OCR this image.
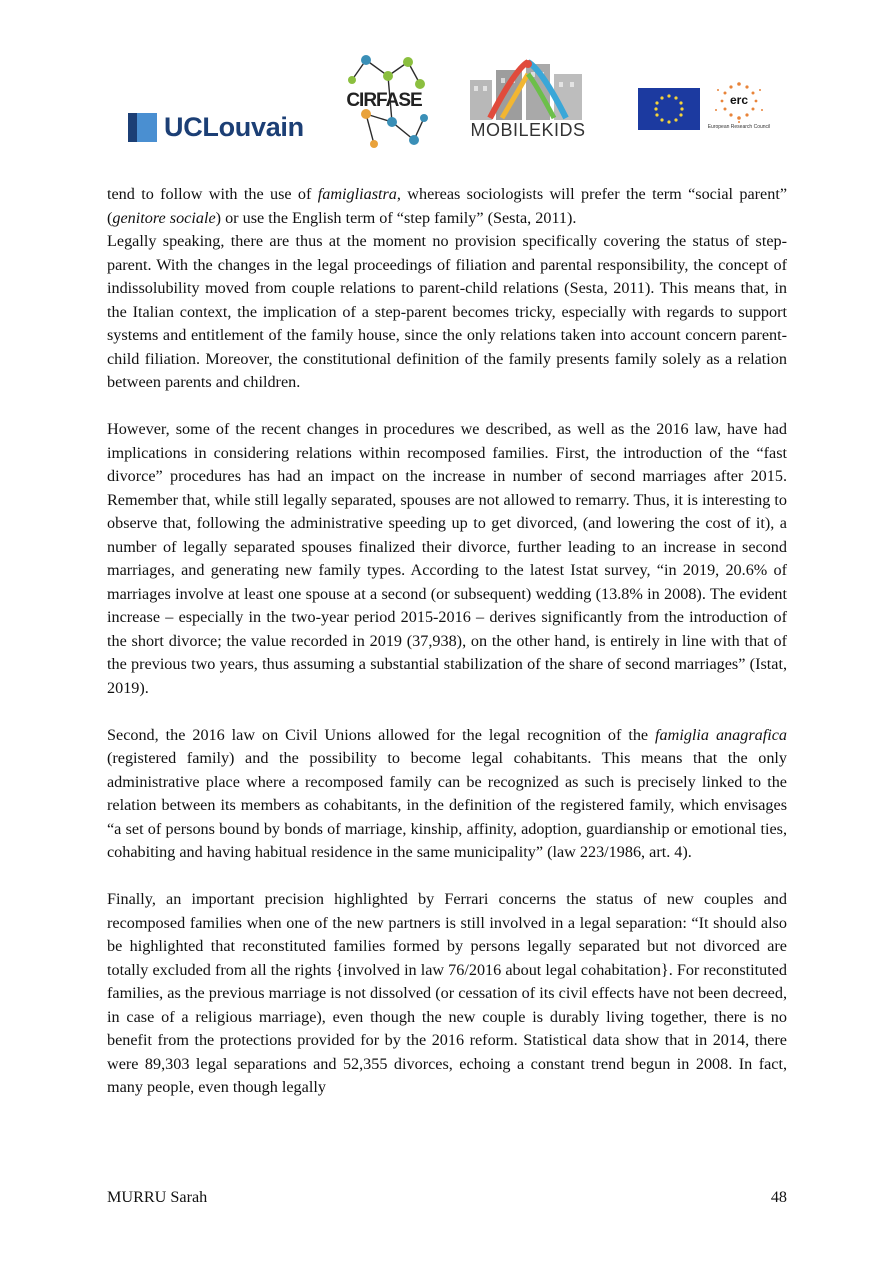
UCLouvain
CIRFASE
MOBILEKIDS
erc
European Research Council

tend to follow with the use of famigliastra, whereas sociologists will prefer the term “social parent” (genitore sociale) or use the English term of “step family” (Sesta, 2011).

Legally speaking, there are thus at the moment no provision specifically covering the status of step-parent. With the changes in the legal proceedings of filiation and parental responsibility, the concept of indissolubility moved from couple relations to parent-child relations (Sesta, 2011). This means that, in the Italian context, the implication of a step-parent becomes tricky, especially with regards to support systems and entitlement of the family house, since the only relations taken into account concern parent-child filiation. Moreover, the constitutional definition of the family presents family solely as a relation between parents and children.

However, some of the recent changes in procedures we described, as well as the 2016 law, have had implications in considering relations within recomposed families. First, the introduction of the “fast divorce” procedures has had an impact on the increase in number of second marriages after 2015. Remember that, while still legally separated, spouses are not allowed to remarry. Thus, it is interesting to observe that, following the administrative speeding up to get divorced, (and lowering the cost of it), a number of legally separated spouses finalized their divorce, further leading to an increase in second marriages, and generating new family types. According to the latest Istat survey, “in 2019, 20.6% of marriages involve at least one spouse at a second (or subsequent) wedding (13.8% in 2008). The evident increase – especially in the two-year period 2015-2016 – derives significantly from the introduction of the short divorce; the value recorded in 2019 (37,938), on the other hand, is entirely in line with that of the previous two years, thus assuming a substantial stabilization of the share of second marriages” (Istat, 2019).

Second, the 2016 law on Civil Unions allowed for the legal recognition of the famiglia anagrafica (registered family) and the possibility to become legal cohabitants. This means that the only administrative place where a recomposed family can be recognized as such is precisely linked to the relation between its members as cohabitants, in the definition of the registered family, which envisages “a set of persons bound by bonds of marriage, kinship, affinity, adoption, guardianship or emotional ties, cohabiting and having habitual residence in the same municipality” (law 223/1986, art. 4).

Finally, an important precision highlighted by Ferrari concerns the status of new couples and recomposed families when one of the new partners is still involved in a legal separation: “It should also be highlighted that reconstituted families formed by persons legally separated but not divorced are totally excluded from all the rights {involved in law 76/2016 about legal cohabitation}. For reconstituted families, as the previous marriage is not dissolved (or cessation of its civil effects have not been decreed, in case of a religious marriage), even though the new couple is durably living together, there is no benefit from the protections provided for by the 2016 reform. Statistical data show that in 2014, there were 89,303 legal separations and 52,355 divorces, echoing a constant trend begun in 2008. In fact, many people, even though legally

MURRU Sarah	48
